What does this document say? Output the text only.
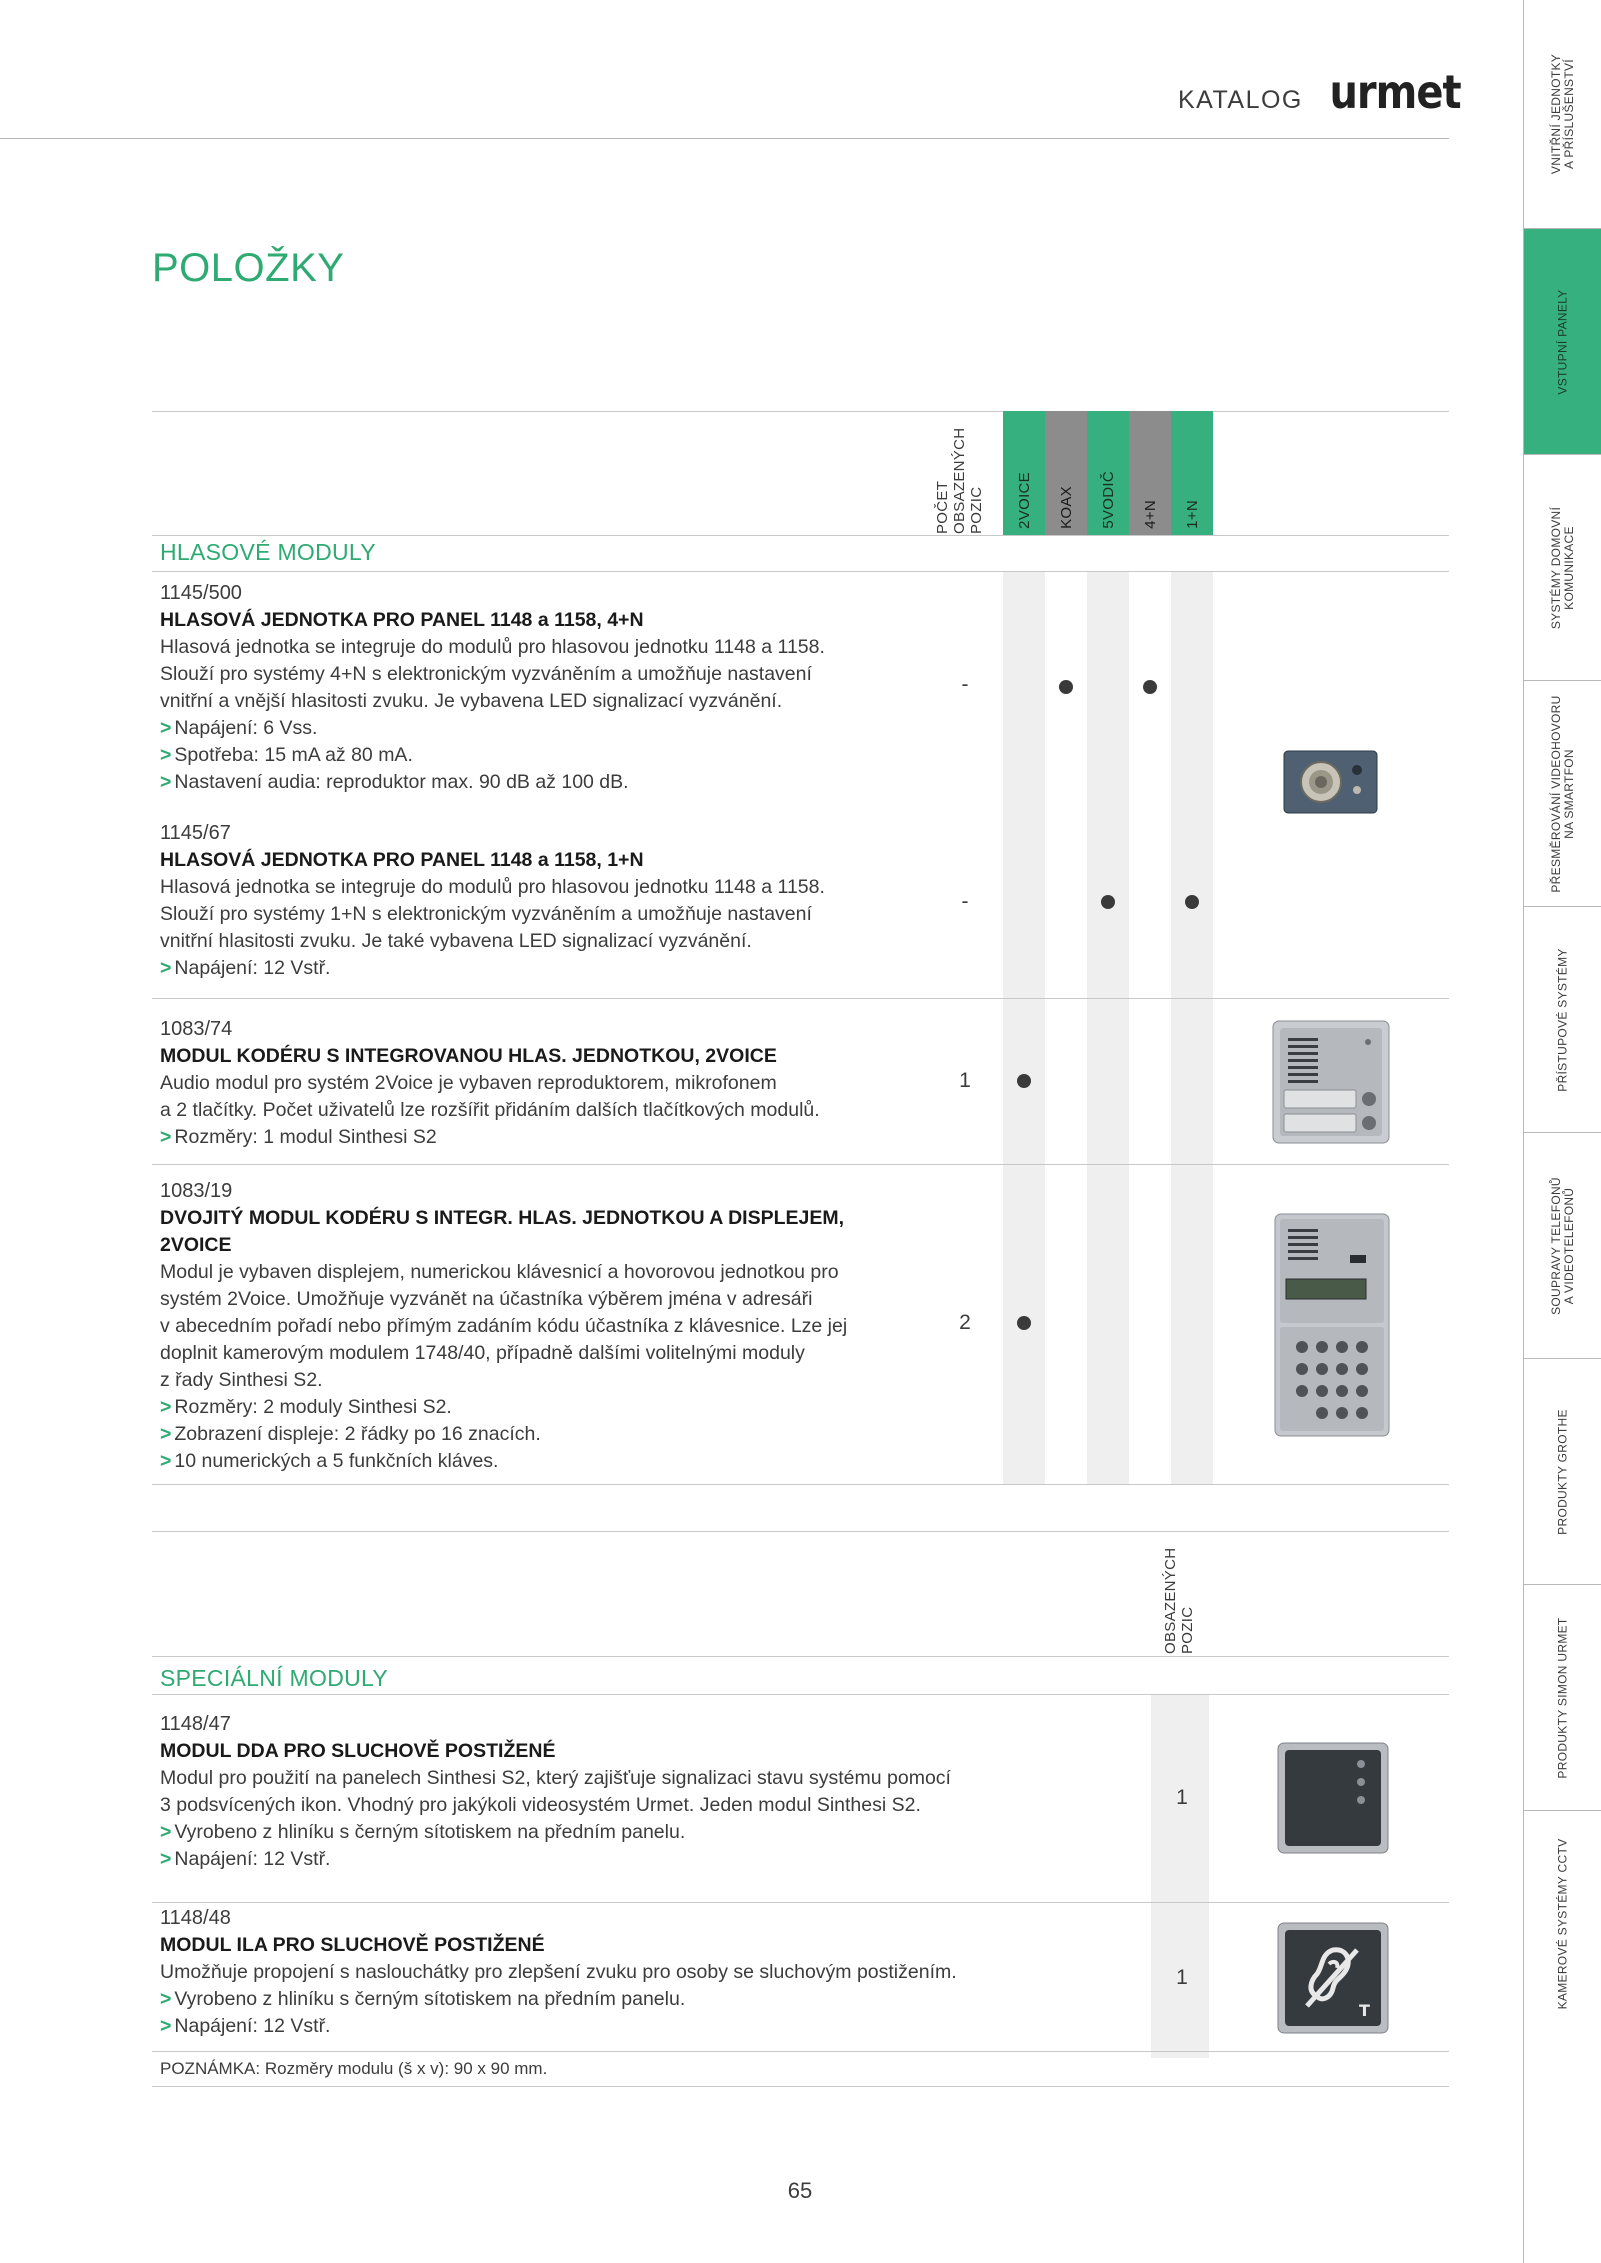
KATALOG urmet
POLOŽKY
VNITŘNÍ JEDNOTKY
A PŘÍSLUŠENSTVÍ
VSTUPNÍ PANELY
SYSTÉMY DOMOVNÍ
KOMUNIKACE
PŘESMĚROVÁNÍ VIDEOHOVORU
NA SMARTFON
PŘÍSTUPOVÉ SYSTÉMY
SOUPRAVY TELEFONŮ
A VIDEOTELEFONŮ
PRODUKTY GROTHE
PRODUKTY SIMON URMET
KAMEROVÉ SYSTÉMY CCTV
POČET
OBSAZENÝCH
POZIC 2VOICE KOAX 5VODIČ 4+N 1+N
HLASOVÉ MODULY
1145/500
HLASOVÁ JEDNOTKA PRO PANEL 1148 a 1158, 4+N
Hlasová jednotka se integruje do modulů pro hlasovou jednotku 1148 a 1158.
Slouží pro systémy 4+N s elektronickým vyzváněním a umožňuje nastavení
vnitřní a vnější hlasitosti zvuku. Je vybavena LED signalizací vyzvánění.
> Napájení: 6 Vss.
> Spotřeba: 15 mA až 80 mA.
> Nastavení audia: reproduktor max. 90 dB až 100 dB.
-
1145/67
HLASOVÁ JEDNOTKA PRO PANEL 1148 a 1158, 1+N
Hlasová jednotka se integruje do modulů pro hlasovou jednotku 1148 a 1158.
Slouží pro systémy 1+N s elektronickým vyzváněním a umožňuje nastavení
vnitřní hlasitosti zvuku. Je také vybavena LED signalizací vyzvánění.
> Napájení: 12 Vstř.
-
1083/74
MODUL KODÉRU S INTEGROVANOU HLAS. JEDNOTKOU, 2VOICE
Audio modul pro systém 2Voice je vybaven reproduktorem, mikrofonem
a 2 tlačítky. Počet uživatelů lze rozšířit přidáním dalších tlačítkových modulů.
> Rozměry: 1 modul Sinthesi S2
1
1083/19
DVOJITÝ MODUL KODÉRU S INTEGR. HLAS. JEDNOTKOU A DISPLEJEM,
2VOICE
Modul je vybaven displejem, numerickou klávesnicí a hovorovou jednotkou pro
systém 2Voice. Umožňuje vyzvánět na účastníka výběrem jména v adresáři
v abecedním pořadí nebo přímým zadáním kódu účastníka z klávesnice. Lze jej
doplnit kamerovým modulem 1748/40, případně dalšími volitelnými moduly
z řady Sinthesi S2.
> Rozměry: 2 moduly Sinthesi S2.
> Zobrazení displeje: 2 řádky po 16 znacích.
> 10 numerických a 5 funkčních kláves.
2
OBSAZENÝCH
POZIC
SPECIÁLNÍ MODULY
1148/47
MODUL DDA PRO SLUCHOVĚ POSTIŽENÉ
Modul pro použití na panelech Sinthesi S2, který zajišťuje signalizaci stavu systému pomocí
3 podsvícených ikon. Vhodný pro jakýkoli videosystém Urmet. Jeden modul Sinthesi S2.
> Vyrobeno z hliníku s černým sítotiskem na předním panelu.
> Napájení: 12 Vstř.
1
1148/48
MODUL ILA PRO SLUCHOVĚ POSTIŽENÉ
Umožňuje propojení s naslouchátky pro zlepšení zvuku pro osoby se sluchovým postižením.
> Vyrobeno z hliníku s černým sítotiskem na předním panelu.
> Napájení: 12 Vstř.
1
T
POZNÁMKA: Rozměry modulu (š x v): 90 x 90 mm.
65
